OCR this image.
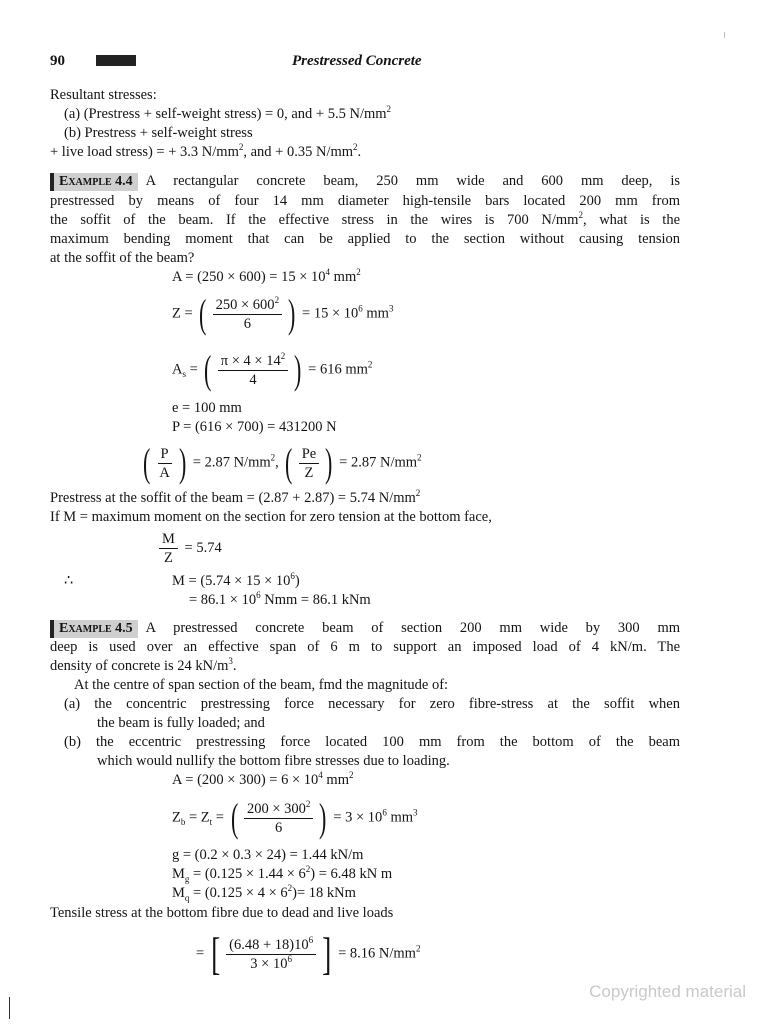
90	Prestressed Concrete
Resultant stresses:
(a) (Prestress + self-weight stress) = 0, and + 5.5 $N/mm^2$
(b) Prestress + self-weight stress
+ live load stress) = + 3.3 $N/mm^2$, and + 0.35 $N/mm^2$.
Example 4.4 A rectangular concrete beam, 250 mm wide and 600 mm deep, is
prestressed by means of four 14 mm diameter high-tensile bars located 200 mm from
the soffit of the beam. If the effective stress in the wires is 700 $N/mm^2$, what is the
maximum bending moment that can be applied to the section without causing tension
at the soffit of the beam?
$A = (250 \times 600) = 15 \times 10^4$ $mm^2$
Z = ( $\frac{250 \times 600^2}{6}$ ) = $15 \times 10^6$ $mm^3$
$A_s$ = ( $\frac{\pi \times 4 \times 14^2}{4}$ ) = 616 $mm^2$
e = 100 mm
P = (616 × 700) = 431200 N
( $\frac{P}{A}$ ) = 2.87 $N/mm^2$, ( $\frac{Pe}{Z}$ ) = 2.87 $N/mm^2$
Prestress at the soffit of the beam = (2.87 + 2.87) = 5.74 $N/mm^2$
If M = maximum moment on the section for zero tension at the bottom face,
$\frac{M}{Z} = 5.74$
∴	$M = (5.74 \times 15 \times 10^6)$
= $86.1 \times 10^6$ Nmm = 86.1 kNm
Example 4.5 A prestressed concrete beam of section 200 mm wide by 300 mm
deep is used over an effective span of 6 m to support an imposed load of 4 kN/m. The
density of concrete is 24 $kN/m^3$.
At the centre of span section of the beam, fmd the magnitude of:
(a) the concentric prestressing force necessary for zero fibre-stress at the soffit when
the beam is fully loaded; and
(b) the eccentric prestressing force located 100 mm from the bottom of the beam
which would nullify the bottom fibre stresses due to loading.
$A = (200 \times 300) = 6 \times 10^4$ $mm^2$
$Z_b = Z_t$ = ( $\frac{200 \times 300^2}{6}$ ) = $3 \times 10^6$ $mm^3$
g = (0.2 × 0.3 × 24) = 1.44 kN/m
$M_g = (0.125 \times 1.44 \times 6^2) = 6.48$ kN m
$M_q = (0.125 \times 4 \times 6^2)= 18$ kNm
Tensile stress at the bottom fibre due to dead and live loads
= [ $\frac{(6.48 + 18)10^6}{3 \times 10^6}$ ] = 8.16 $N/mm^2$
Copyrighted material
